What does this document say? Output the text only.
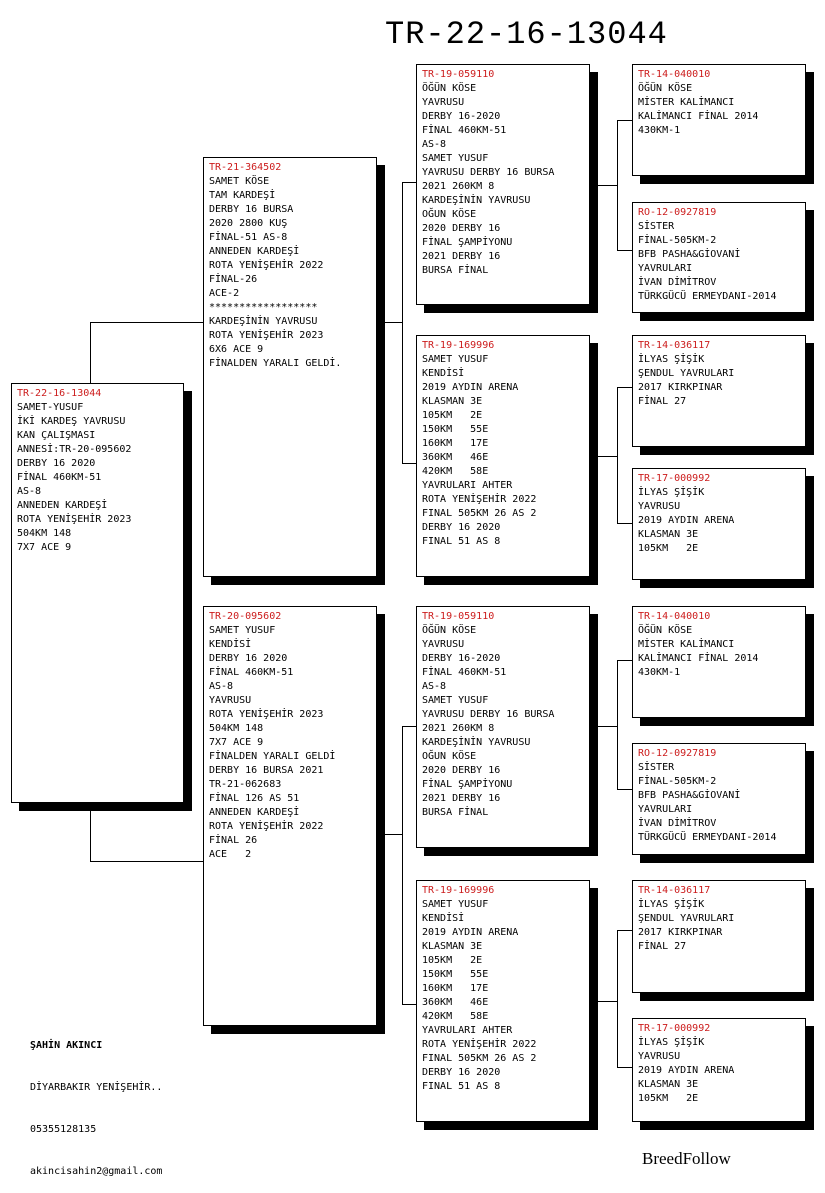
TR-22-16-13044
TR-22-16-13044
SAMET-YUSUF
İKİ KARDEŞ YAVRUSU
KAN ÇALIŞMASI
ANNESİ:TR-20-095602
DERBY 16 2020
FİNAL 460KM-51
AS-8
ANNEDEN KARDEŞİ
ROTA YENİŞEHİR 2023
504KM 148
7X7 ACE 9
TR-21-364502
SAMET KÖSE
TAM KARDEŞİ
DERBY 16 BURSA
2020 2800 KUŞ
FİNAL-51 AS-8
ANNEDEN KARDEŞİ
ROTA YENİŞEHİR 2022
FİNAL-26
ACE-2
******************
KARDEŞİNİN YAVRUSU
ROTA YENİŞEHİR 2023
6X6 ACE 9
FİNALDEN YARALI GELDİ.
TR-20-095602
SAMET YUSUF
KENDİSİ
DERBY 16 2020
FİNAL 460KM-51
AS-8
YAVRUSU
ROTA YENİŞEHİR 2023
504KM 148
7X7 ACE 9
FİNALDEN YARALI GELDİ
DERBY 16 BURSA 2021
TR-21-062683
FİNAL 126 AS 51
ANNEDEN KARDEŞİ
ROTA YENİŞEHİR 2022
FİNAL 26
ACE   2
TR-19-059110
ÖĞÜN KÖSE
YAVRUSU
DERBY 16-2020
FİNAL 460KM-51
AS-8
SAMET YUSUF
YAVRUSU DERBY 16 BURSA
2021 260KM 8
KARDEŞİNİN YAVRUSU
OĞUN KÖSE
2020 DERBY 16
FİNAL ŞAMPİYONU
2021 DERBY 16
BURSA FİNAL
TR-19-169996
SAMET YUSUF
KENDİSİ
2019 AYDIN ARENA
KLASMAN 3E
105KM   2E
150KM   55E
160KM   17E
360KM   46E
420KM   58E
YAVRULARI AHTER
ROTA YENİŞEHİR 2022
FINAL 505KM 26 AS 2
DERBY 16 2020
FINAL 51 AS 8
TR-19-059110
ÖĞÜN KÖSE
YAVRUSU
DERBY 16-2020
FİNAL 460KM-51
AS-8
SAMET YUSUF
YAVRUSU DERBY 16 BURSA
2021 260KM 8
KARDEŞİNİN YAVRUSU
OĞUN KÖSE
2020 DERBY 16
FİNAL ŞAMPİYONU
2021 DERBY 16
BURSA FİNAL
TR-19-169996
SAMET YUSUF
KENDİSİ
2019 AYDIN ARENA
KLASMAN 3E
105KM   2E
150KM   55E
160KM   17E
360KM   46E
420KM   58E
YAVRULARI AHTER
ROTA YENİŞEHİR 2022
FINAL 505KM 26 AS 2
DERBY 16 2020
FINAL 51 AS 8
TR-14-040010
ÖĞÜN KÖSE
MİSTER KALİMANCI
KALİMANCI FİNAL 2014
430KM-1
RO-12-0927819
SİSTER
FİNAL-505KM-2
BFB PASHA&GİOVANİ
YAVRULARI
İVAN DİMİTROV
TÜRKGÜCÜ ERMEYDANI-2014
TR-14-036117
İLYAS ŞİŞİK
ŞENDUL YAVRULARI
2017 KIRKPINAR
FİNAL 27
TR-17-000992
İLYAS ŞİŞİK
YAVRUSU
2019 AYDIN ARENA
KLASMAN 3E
105KM   2E
TR-14-040010
ÖĞÜN KÖSE
MİSTER KALİMANCI
KALİMANCI FİNAL 2014
430KM-1
RO-12-0927819
SİSTER
FİNAL-505KM-2
BFB PASHA&GİOVANİ
YAVRULARI
İVAN DİMİTROV
TÜRKGÜCÜ ERMEYDANI-2014
TR-14-036117
İLYAS ŞİŞİK
ŞENDUL YAVRULARI
2017 KIRKPINAR
FİNAL 27
TR-17-000992
İLYAS ŞİŞİK
YAVRUSU
2019 AYDIN ARENA
KLASMAN 3E
105KM   2E

ŞAHİN AKINCI

DİYARBAKIR YENİŞEHİR..

05355128135

akincisahin2@gmail.com

BreedFollow
